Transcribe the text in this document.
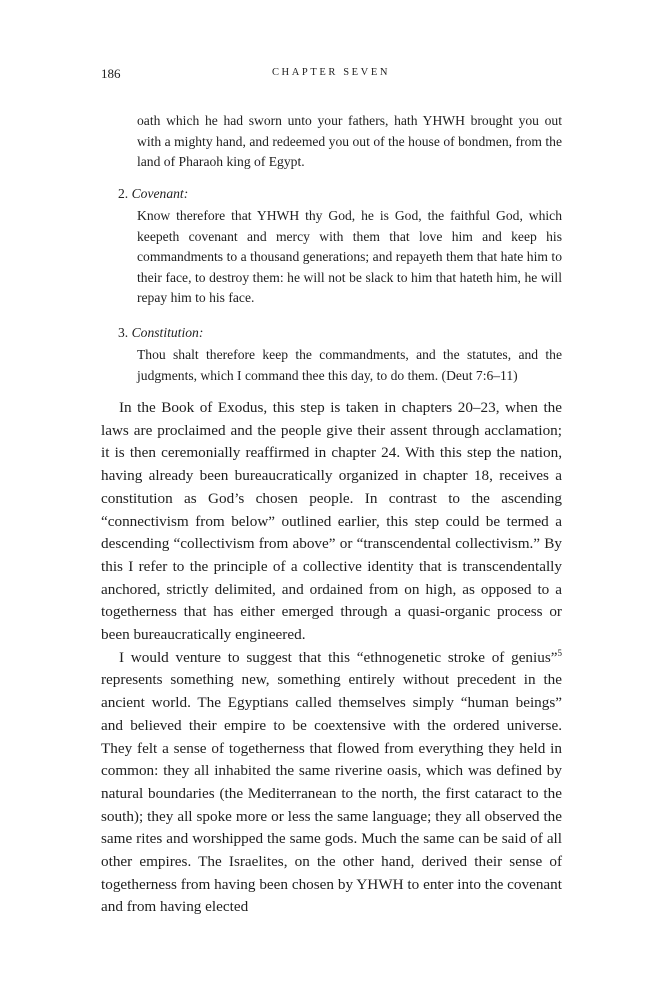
186	CHAPTER SEVEN
oath which he had sworn unto your fathers, hath YHWH brought you out with a mighty hand, and redeemed you out of the house of bondmen, from the land of Pharaoh king of Egypt.
2. Covenant:
Know therefore that YHWH thy God, he is God, the faithful God, which keepeth covenant and mercy with them that love him and keep his commandments to a thousand generations; and repayeth them that hate him to their face, to destroy them: he will not be slack to him that hateth him, he will repay him to his face.
3. Constitution:
Thou shalt therefore keep the commandments, and the statutes, and the judgments, which I command thee this day, to do them. (Deut 7:6–11)

In the Book of Exodus, this step is taken in chapters 20–23, when the laws are proclaimed and the people give their assent through acclamation; it is then ceremonially reaffirmed in chapter 24. With this step the nation, having already been bureaucratically organized in chapter 18, receives a constitution as God’s chosen people. In contrast to the ascending “connectivism from below” outlined earlier, this step could be termed a descending “collectivism from above” or “transcendental collectivism.” By this I refer to the principle of a collective identity that is transcendentally anchored, strictly delimited, and ordained from on high, as opposed to a togetherness that has either emerged through a quasi-organic process or been bureaucratically engineered.

I would venture to suggest that this “ethnogenetic stroke of genius”$^5$ represents something new, something entirely without precedent in the ancient world. The Egyptians called themselves simply “human beings” and believed their empire to be coextensive with the ordered universe. They felt a sense of togetherness that flowed from everything they held in common: they all inhabited the same riverine oasis, which was defined by natural boundaries (the Mediterranean to the north, the first cataract to the south); they all spoke more or less the same language; they all observed the same rites and worshipped the same gods. Much the same can be said of all other empires. The Israelites, on the other hand, derived their sense of togetherness from having been chosen by YHWH to enter into the covenant and from having elected
